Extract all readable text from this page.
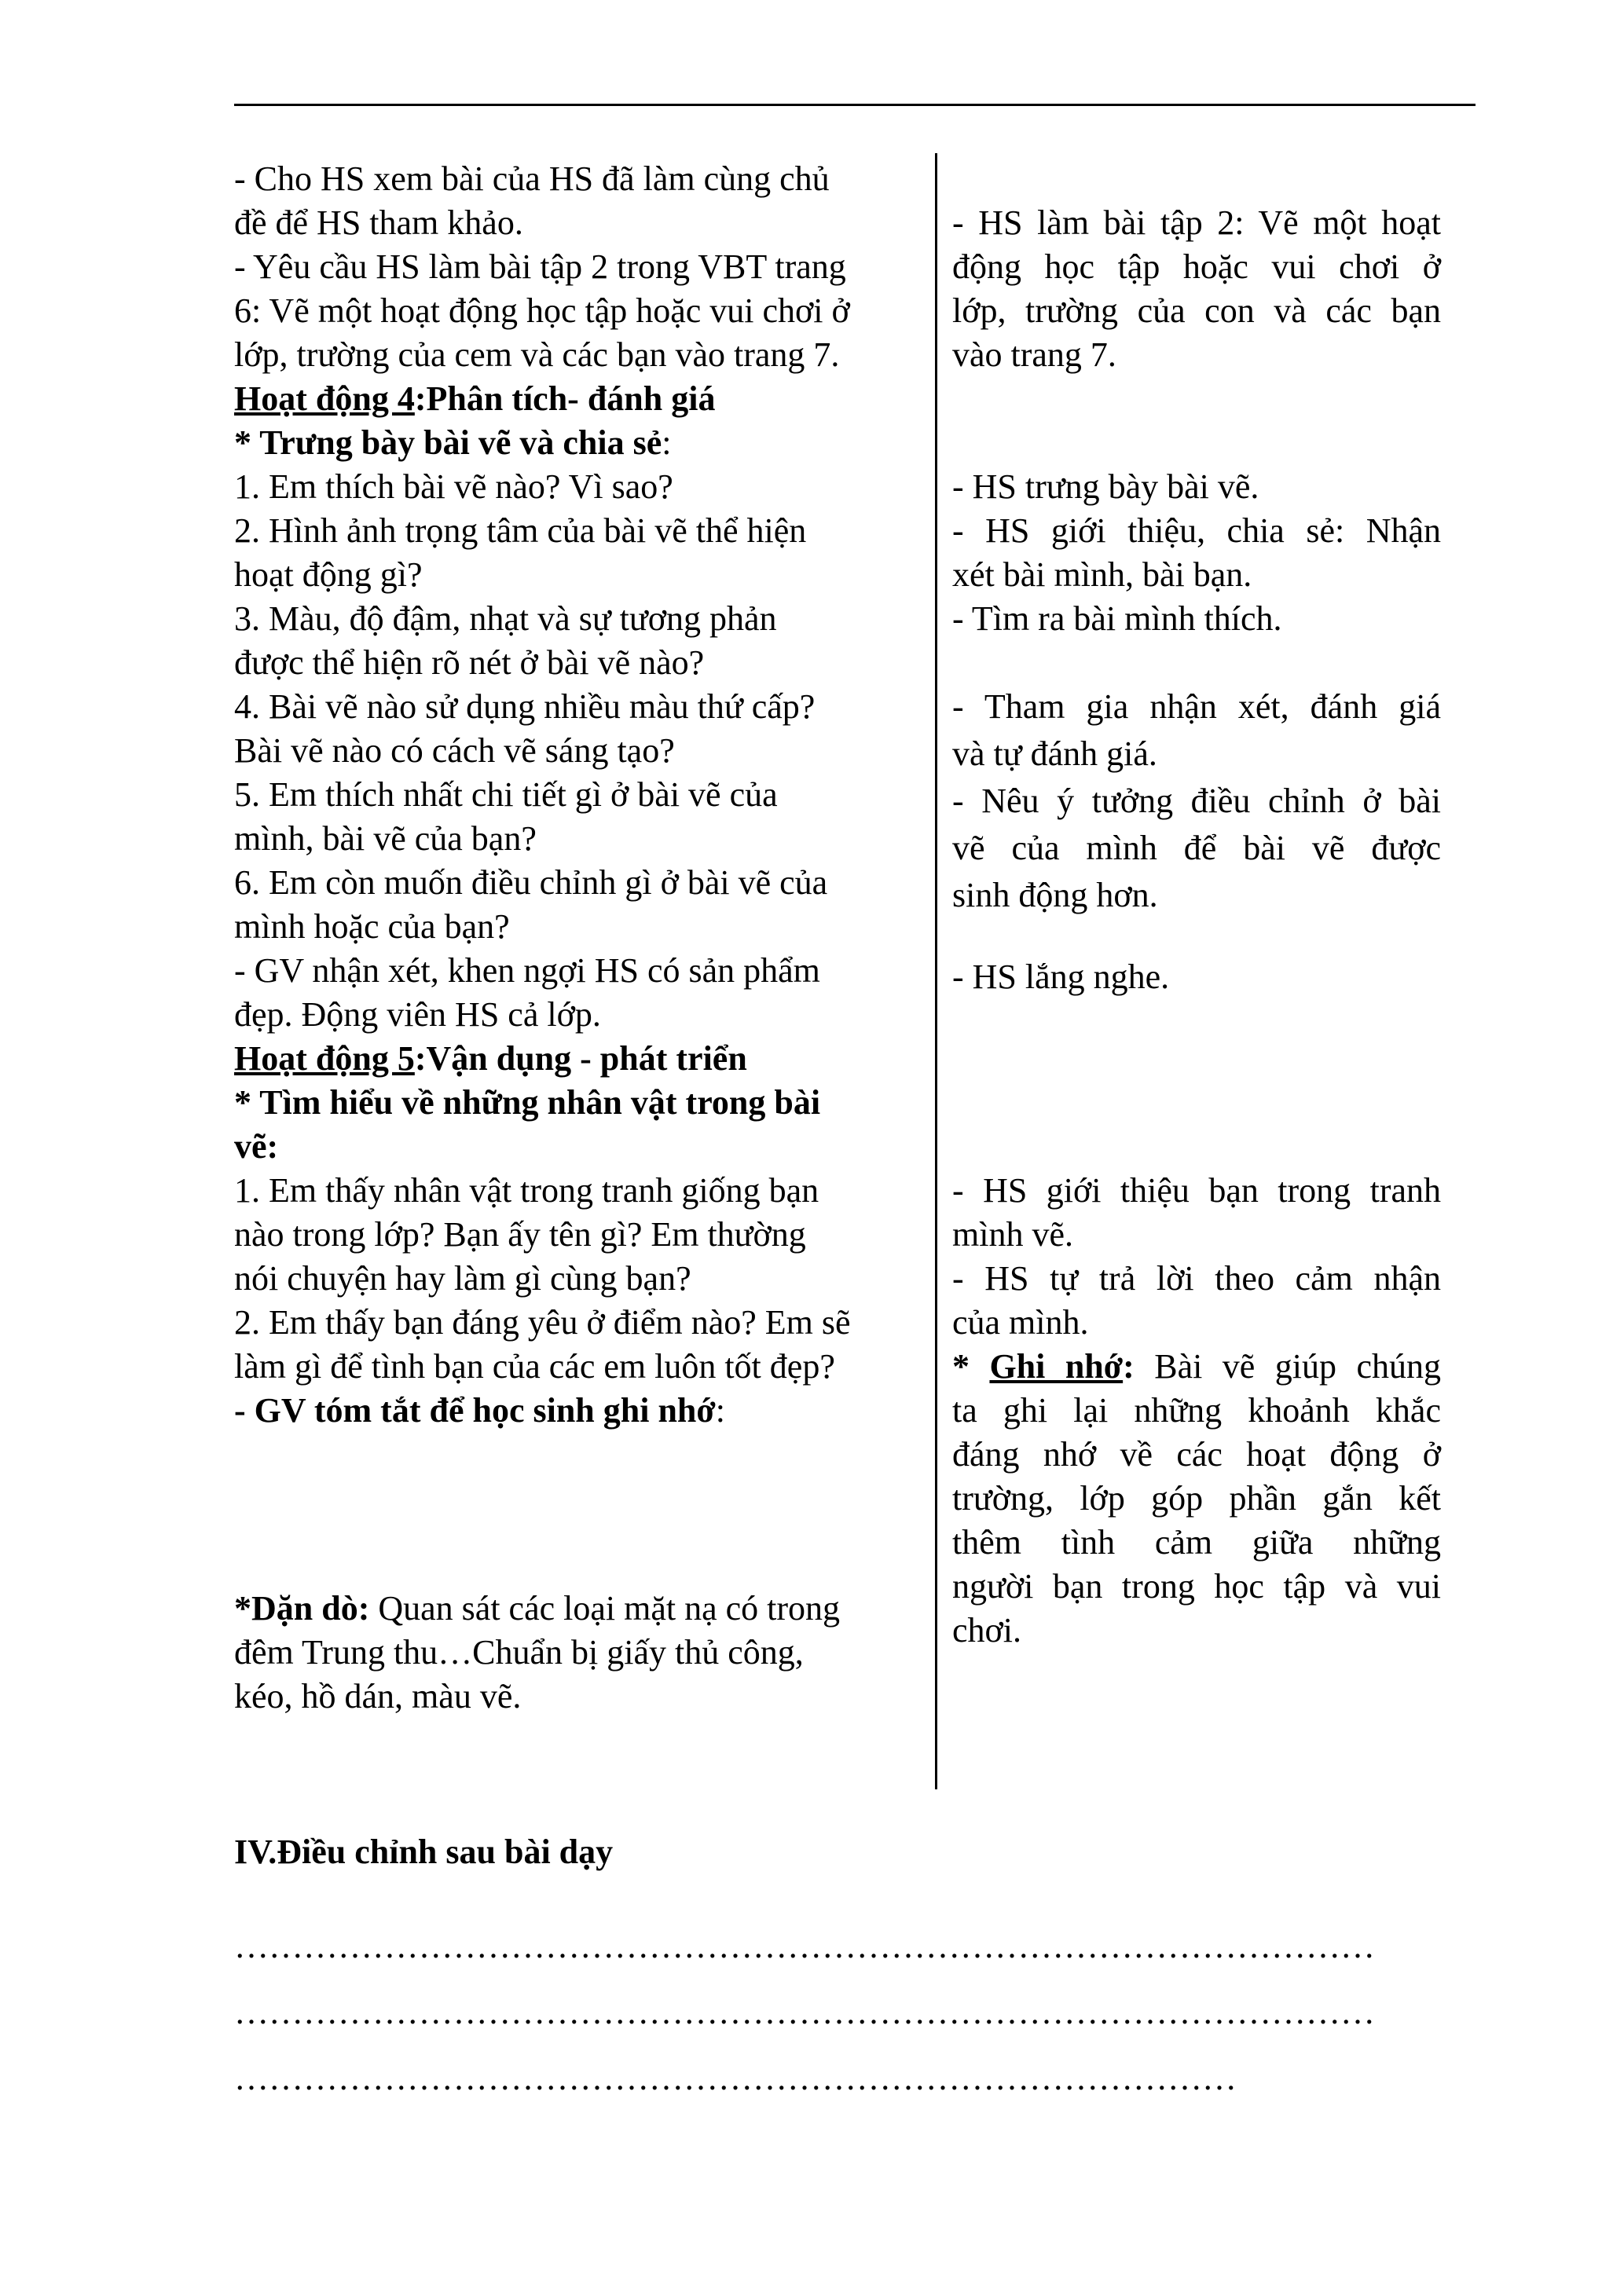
- Cho HS xem bài của HS đã làm cùng chủ
đề để HS tham khảo.
- Yêu cầu HS làm bài tập 2 trong VBT trang
6: Vẽ một hoạt động học tập hoặc vui chơi ở
lớp, trường của cem và các bạn vào trang 7.
Hoạt động 4:Phân tích- đánh giá
* Trưng bày bài vẽ và chia sẻ:
1. Em thích bài vẽ nào? Vì sao?
2. Hình ảnh trọng tâm của bài vẽ thể hiện
hoạt động gì?
3. Màu, độ đậm, nhạt và sự tương phản
được thể hiện rõ nét ở bài vẽ nào?
4. Bài vẽ nào sử dụng nhiều màu thứ cấp?
Bài vẽ nào có cách vẽ sáng tạo?
5. Em thích nhất chi tiết gì ở bài vẽ của
mình, bài vẽ của bạn?
6. Em còn muốn điều chỉnh gì ở bài vẽ của
mình hoặc của bạn?
- GV nhận xét, khen ngợi HS có sản phẩm
đẹp. Động viên HS cả lớp.
Hoạt động 5:Vận dụng - phát triển
* Tìm hiểu về những nhân vật trong bài
vẽ:
1. Em thấy nhân vật trong tranh giống bạn
nào trong lớp? Bạn ấy tên gì? Em thường
nói chuyện hay làm gì cùng bạn?
2. Em thấy bạn đáng yêu ở điểm nào? Em sẽ
làm gì để tình bạn của các em luôn tốt đẹp?
- GV tóm tắt để học sinh ghi nhớ:
*Dặn dò: Quan sát các loại mặt nạ có trong
đêm Trung thu…Chuẩn bị giấy thủ công,
kéo, hồ dán, màu vẽ.
- HS làm bài tập 2: Vẽ một hoạt
động học tập hoặc vui chơi ở
lớp, trường của con và các bạn
vào trang 7.
- HS trưng bày bài vẽ.
- HS giới thiệu, chia sẻ: Nhận
xét bài mình, bài bạn.
- Tìm ra bài mình thích.
- Tham gia nhận xét, đánh giá
và tự đánh giá.
- Nêu ý tưởng điều chỉnh ở bài
vẽ của mình để bài vẽ được
sinh động hơn.
- HS lắng nghe.
- HS giới thiệu bạn trong tranh
mình vẽ.
- HS tự trả lời theo cảm nhận
của mình.
* Ghi nhớ: Bài vẽ giúp chúng
ta ghi lại những khoảnh khắc
đáng nhớ về các hoạt động ở
trường, lớp góp phần gắn kết
thêm tình cảm giữa những
người bạn trong học tập và vui
chơi.
IV.Điều chỉnh sau bài dạy
………………………………………………………………………………………
………………………………………………………………………………………
……………………………………………………………………………
